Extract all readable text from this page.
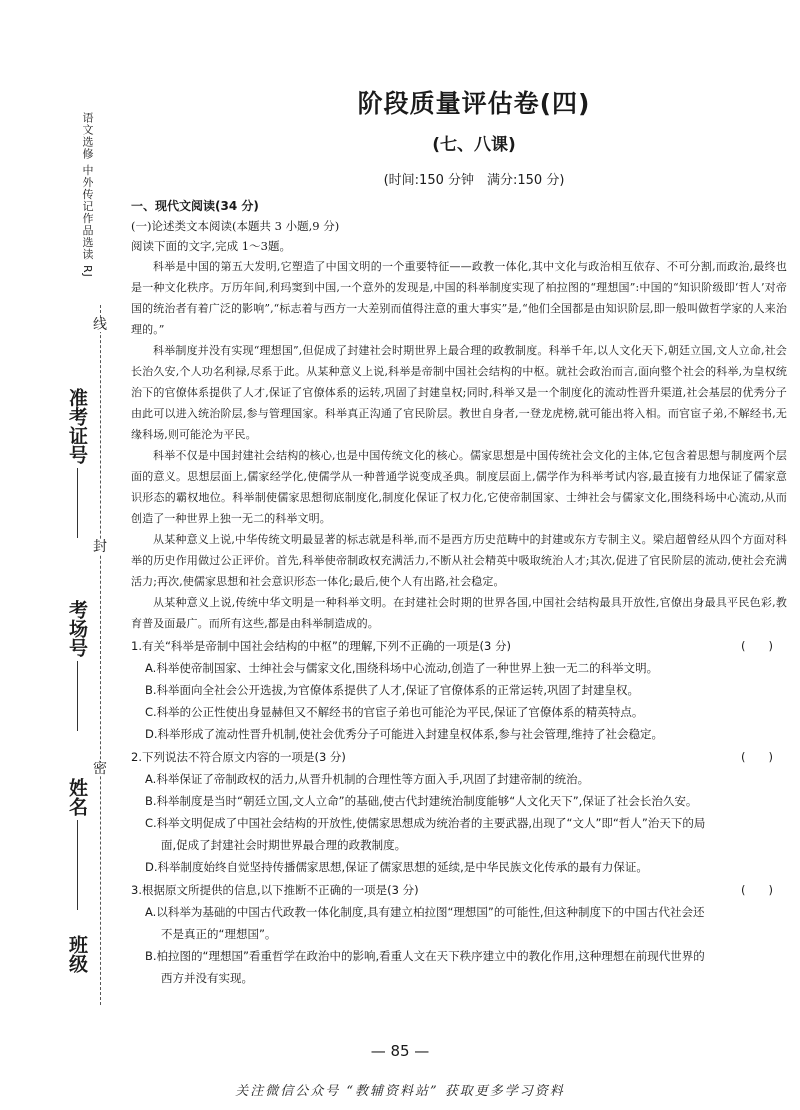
语文选修 中外传记作品选读 RJ
线
封
密
准考证号
考场号
姓名
班级
阶段质量评估卷(四)
(七、八课)
(时间:150 分钟　满分:150 分)
一、现代文阅读(34 分)
(一)论述类文本阅读(本题共 3 小题,9 分)
阅读下面的文字,完成 1～3题。

科举是中国的第五大发明,它塑造了中国文明的一个重要特征——政教一体化,其中文化与政治相互依存、不可分割,而政治,最终也是一种文化秩序。万历年间,利玛窦到中国,一个意外的发现是,中国的科举制度实现了柏拉图的“理想国”:中国的“知识阶级即‘哲人’对帝国的统治者有着广泛的影响”,“标志着与西方一大差别而值得注意的重大事实”是,“他们全国都是由知识阶层,即一般叫做哲学家的人来治理的。”

科举制度并没有实现“理想国”,但促成了封建社会时期世界上最合理的政教制度。科举千年,以人文化天下,朝廷立国,文人立命,社会长治久安,个人功名利禄,尽系于此。从某种意义上说,科举是帝制中国社会结构的中枢。就社会政治而言,面向整个社会的科举,为皇权统治下的官僚体系提供了人才,保证了官僚体系的运转,巩固了封建皇权;同时,科举又是一个制度化的流动性晋升渠道,社会基层的优秀分子由此可以进入统治阶层,参与管理国家。科举真正沟通了官民阶层。教世自身者,一登龙虎榜,就可能出将入相。而官宦子弟,不解经书,无缘科场,则可能沦为平民。

科举不仅是中国封建社会结构的核心,也是中国传统文化的核心。儒家思想是中国传统社会文化的主体,它包含着思想与制度两个层面的意义。思想层面上,儒家经学化,使儒学从一种普通学说变成圣典。制度层面上,儒学作为科举考试内容,最直接有力地保证了儒家意识形态的霸权地位。科举制使儒家思想彻底制度化,制度化保证了权力化,它使帝制国家、士绅社会与儒家文化,围绕科场中心流动,从而创造了一种世界上独一无二的科举文明。

从某种意义上说,中华传统文明最显著的标志就是科举,而不是西方历史范畴中的封建或东方专制主义。梁启超曾经从四个方面对科举的历史作用做过公正评价。首先,科举使帝制政权充满活力,不断从社会精英中吸取统治人才;其次,促进了官民阶层的流动,使社会充满活力;再次,使儒家思想和社会意识形态一体化;最后,使个人有出路,社会稳定。

从某种意义上说,传统中华文明是一种科举文明。在封建社会时期的世界各国,中国社会结构最具开放性,官僚出身最具平民色彩,教育普及面最广。而所有这些,都是由科举制造成的。

1.有关“科举是帝制中国社会结构的中枢”的理解,下列不正确的一项是(3 分)	(　　)
A.科举使帝制国家、士绅社会与儒家文化,围绕科场中心流动,创造了一种世界上独一无二的科举文明。
B.科举面向全社会公开选拔,为官僚体系提供了人才,保证了官僚体系的正常运转,巩固了封建皇权。
C.科举的公正性使出身显赫但又不解经书的官宦子弟也可能沦为平民,保证了官僚体系的精英特点。
D.科举形成了流动性晋升机制,使社会优秀分子可能进入封建皇权体系,参与社会管理,维持了社会稳定。
2.下列说法不符合原文内容的一项是(3 分)	(　　)
A.科举保证了帝制政权的活力,从晋升机制的合理性等方面入手,巩固了封建帝制的统治。
B.科举制度是当时“朝廷立国,文人立命”的基础,使古代封建统治制度能够“人文化天下”,保证了社会长治久安。
C.科举文明促成了中国社会结构的开放性,使儒家思想成为统治者的主要武器,出现了“文人”即“哲人”治天下的局
面,促成了封建社会时期世界最合理的政教制度。
D.科举制度始终自觉坚持传播儒家思想,保证了儒家思想的延续,是中华民族文化传承的最有力保证。
3.根据原文所提供的信息,以下推断不正确的一项是(3 分)	(　　)
A.以科举为基础的中国古代政教一体化制度,具有建立柏拉图“理想国”的可能性,但这种制度下的中国古代社会还
不是真正的“理想国”。
B.柏拉图的“理想国”看重哲学在政治中的影响,看重人文在天下秩序建立中的教化作用,这种理想在前现代世界的
西方并没有实现。
— 85 —
关注微信公众号 “教辅资料站” 获取更多学习资料
